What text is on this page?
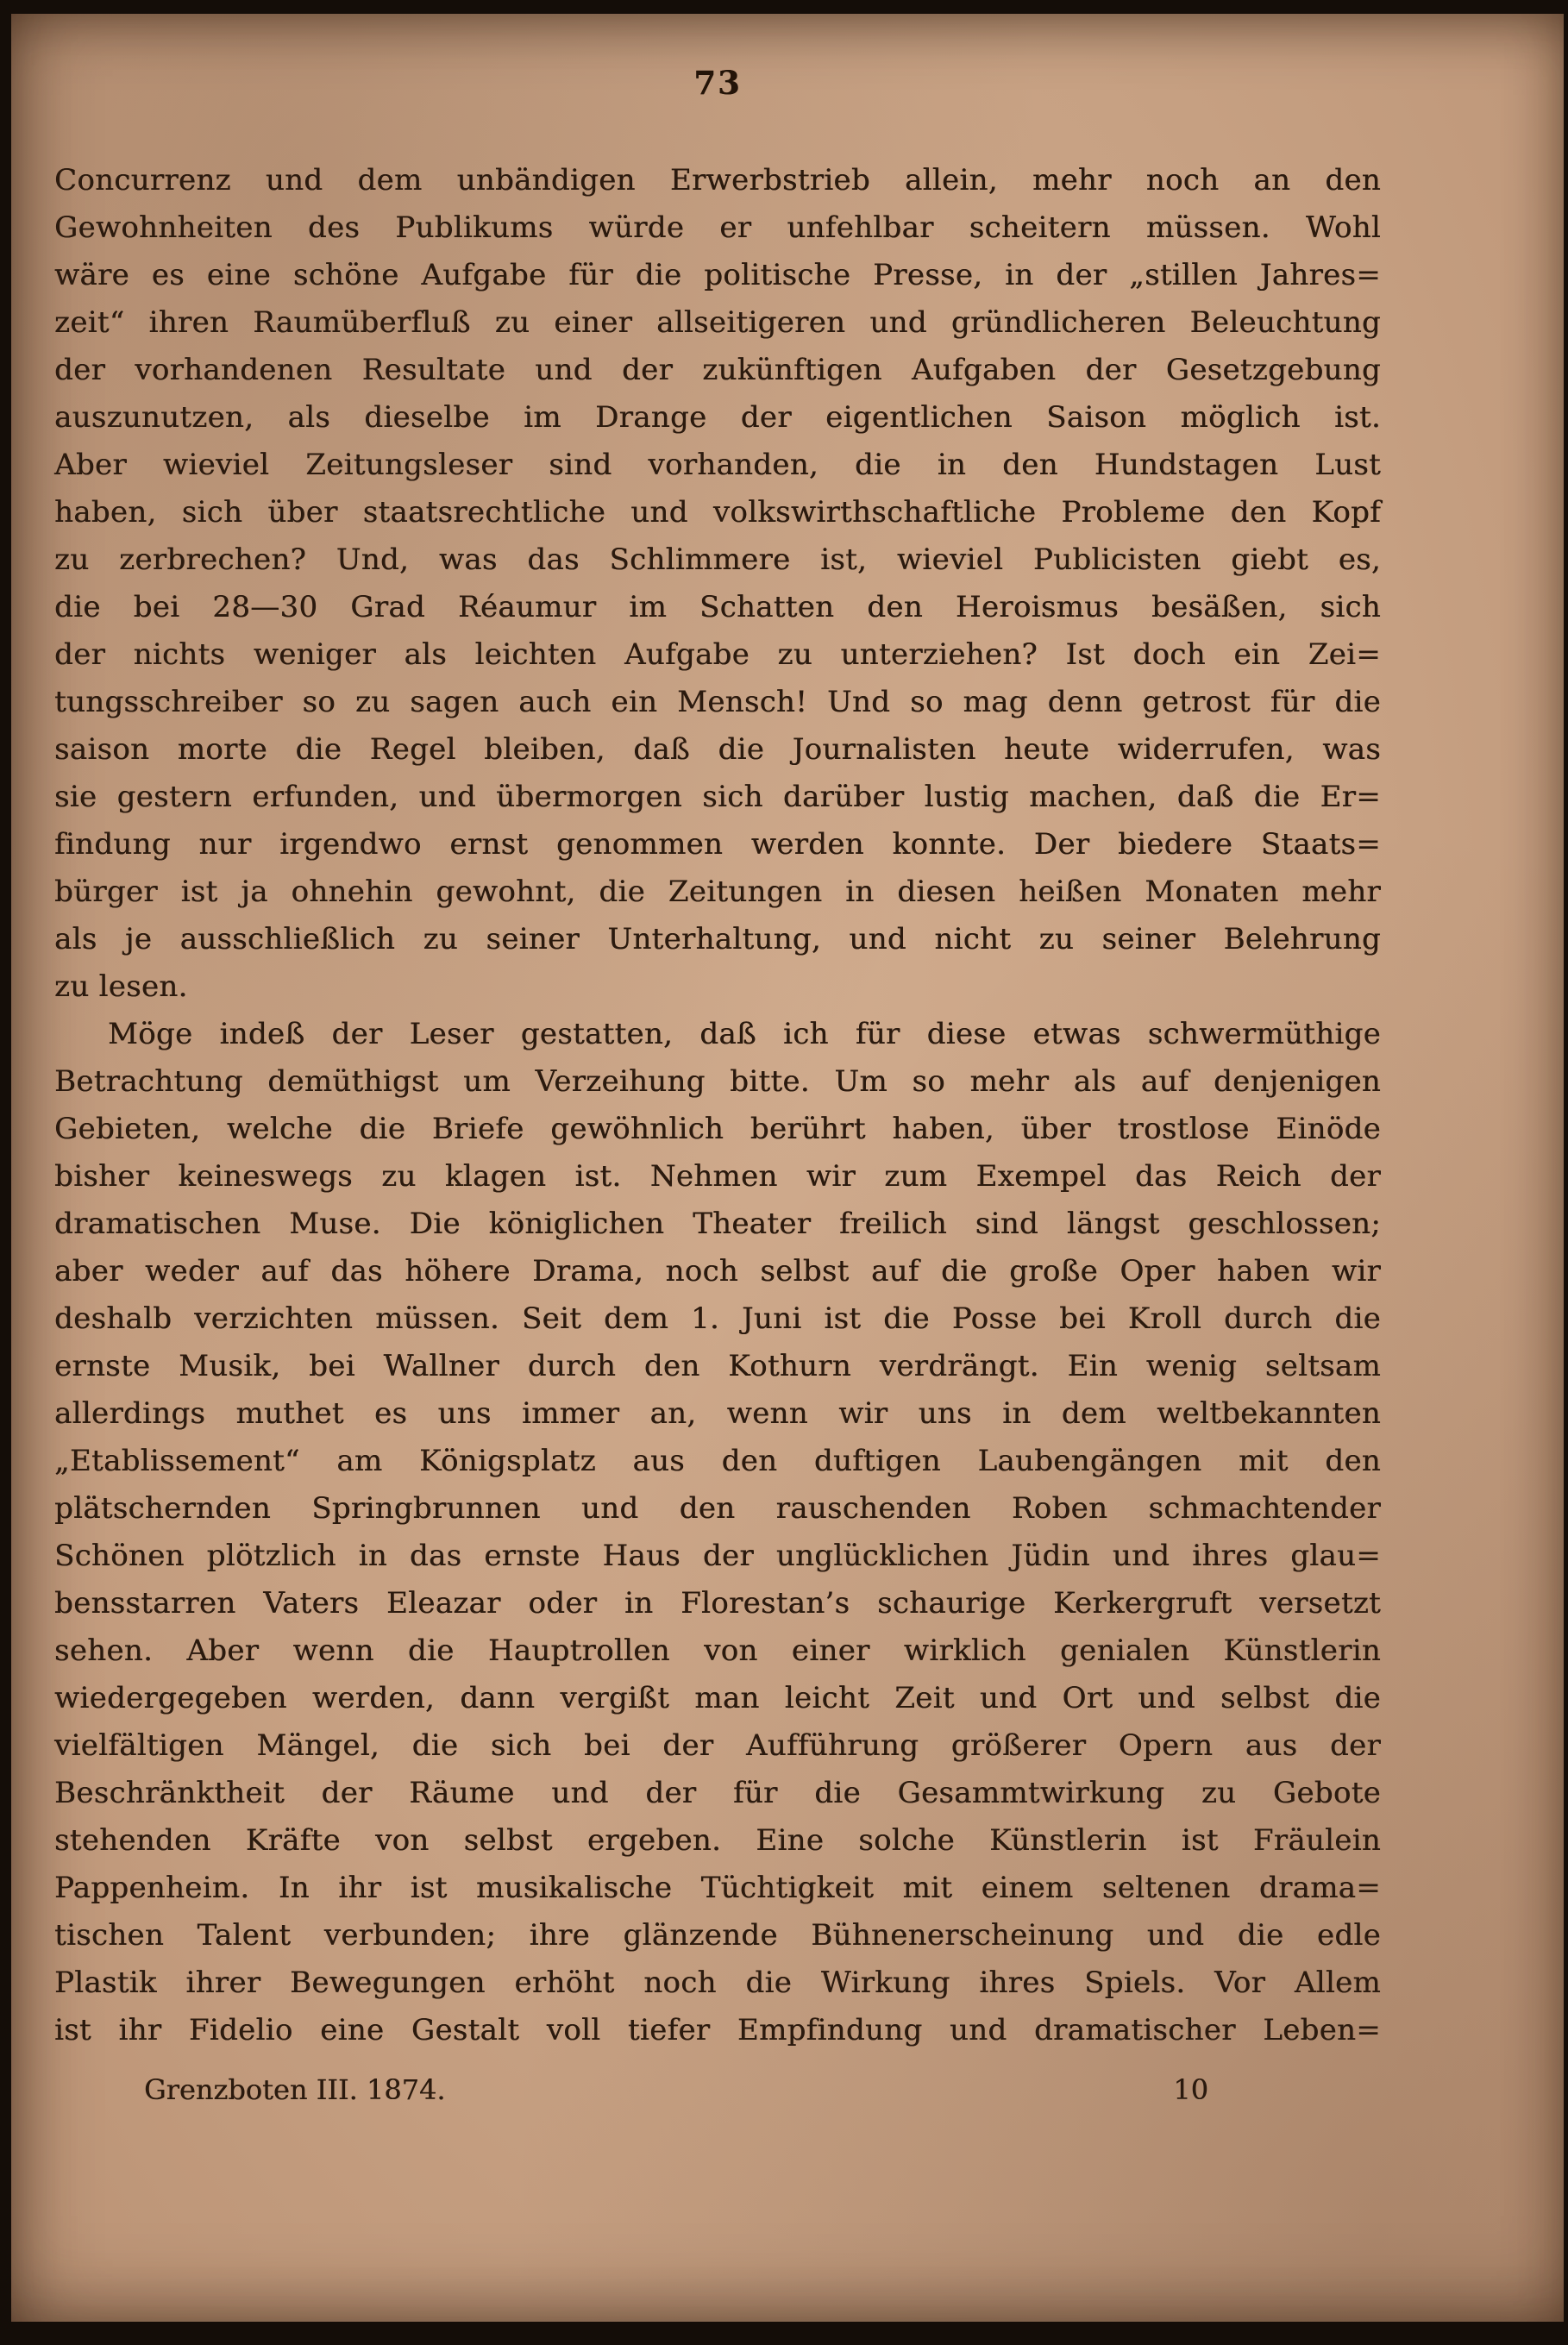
73
Concurrenz und dem unbändigen Erwerbstrieb allein, mehr noch an den
Gewohnheiten des Publikums würde er unfehlbar scheitern müssen. Wohl
wäre es eine schöne Aufgabe für die politische Presse, in der „stillen Jahres=
zeit“ ihren Raumüberfluß zu einer allseitigeren und gründlicheren Beleuchtung
der vorhandenen Resultate und der zukünftigen Aufgaben der Gesetzgebung
auszunutzen, als dieselbe im Drange der eigentlichen Saison möglich ist.
Aber wieviel Zeitungsleser sind vorhanden, die in den Hundstagen Lust
haben, sich über staatsrechtliche und volkswirthschaftliche Probleme den Kopf
zu zerbrechen? Und, was das Schlimmere ist, wieviel Publicisten giebt es,
die bei 28—30 Grad Réaumur im Schatten den Heroismus besäßen, sich
der nichts weniger als leichten Aufgabe zu unterziehen? Ist doch ein Zei=
tungsschreiber so zu sagen auch ein Mensch! Und so mag denn getrost für die
saison morte die Regel bleiben, daß die Journalisten heute widerrufen, was
sie gestern erfunden, und übermorgen sich darüber lustig machen, daß die Er=
findung nur irgendwo ernst genommen werden konnte. Der biedere Staats=
bürger ist ja ohnehin gewohnt, die Zeitungen in diesen heißen Monaten mehr
als je ausschließlich zu seiner Unterhaltung, und nicht zu seiner Belehrung
zu lesen.
Möge indeß der Leser gestatten, daß ich für diese etwas schwermüthige
Betrachtung demüthigst um Verzeihung bitte. Um so mehr als auf denjenigen
Gebieten, welche die Briefe gewöhnlich berührt haben, über trostlose Einöde
bisher keineswegs zu klagen ist. Nehmen wir zum Exempel das Reich der
dramatischen Muse. Die königlichen Theater freilich sind längst geschlossen;
aber weder auf das höhere Drama, noch selbst auf die große Oper haben wir
deshalb verzichten müssen. Seit dem 1. Juni ist die Posse bei Kroll durch die
ernste Musik, bei Wallner durch den Kothurn verdrängt. Ein wenig seltsam
allerdings muthet es uns immer an, wenn wir uns in dem weltbekannten
„Etablissement“ am Königsplatz aus den duftigen Laubengängen mit den
plätschernden Springbrunnen und den rauschenden Roben schmachtender
Schönen plötzlich in das ernste Haus der unglücklichen Jüdin und ihres glau=
bensstarren Vaters Eleazar oder in Florestan’s schaurige Kerkergruft versetzt
sehen. Aber wenn die Hauptrollen von einer wirklich genialen Künstlerin
wiedergegeben werden, dann vergißt man leicht Zeit und Ort und selbst die
vielfältigen Mängel, die sich bei der Aufführung größerer Opern aus der
Beschränktheit der Räume und der für die Gesammtwirkung zu Gebote
stehenden Kräfte von selbst ergeben. Eine solche Künstlerin ist Fräulein
Pappenheim. In ihr ist musikalische Tüchtigkeit mit einem seltenen drama=
tischen Talent verbunden; ihre glänzende Bühnenerscheinung und die edle
Plastik ihrer Bewegungen erhöht noch die Wirkung ihres Spiels. Vor Allem
ist ihr Fidelio eine Gestalt voll tiefer Empfindung und dramatischer Leben=
Grenzboten III. 1874.	10
